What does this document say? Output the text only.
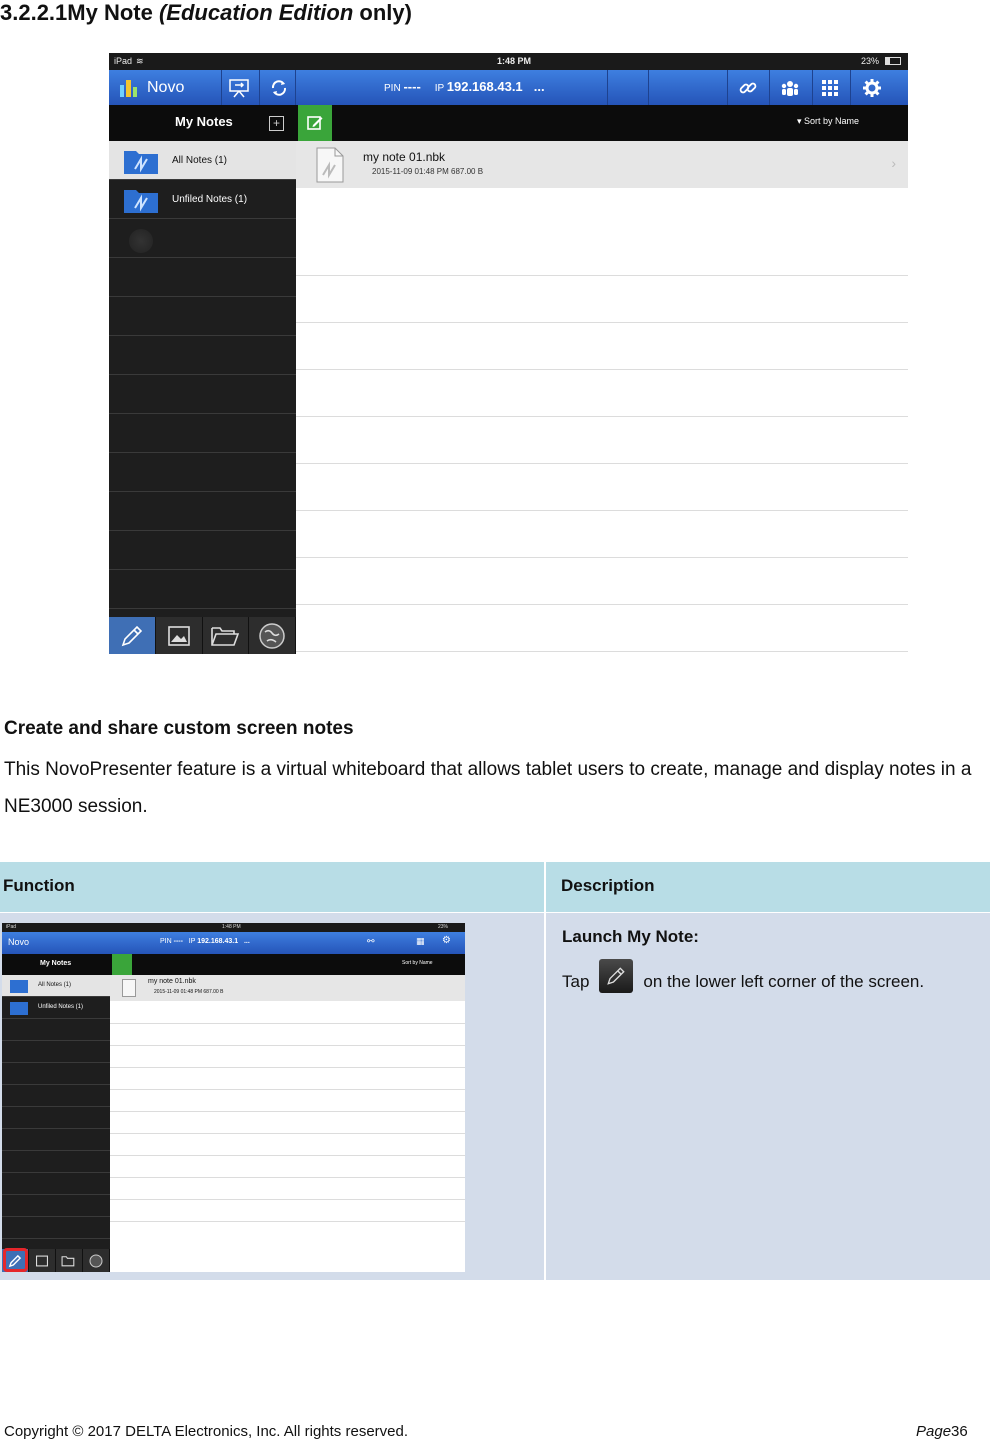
3.2.2.1My Note (Education Edition only)
iPad ≋	1:48 PM	23%
Novo	PIN ---- IP 192.168.43.1 ...
My Notes	+	▾ Sort by Name
All Notes (1)
Unfiled Notes (1)
my note 01.nbk
2015-11-09 01:48 PM 687.00 B
›
Create and share custom screen notes
This NovoPresenter feature is a virtual whiteboard that allows tablet users to create, manage and display notes in a NE3000 session.
Function	Description
iPad	1:48 PM	23%
Novo	PIN ---- IP 192.168.43.1 ...	⚯	▦ ⚙
My Notes	Sort by Name
All Notes (1)
Unfiled Notes (1)
my note 01.nbk
2015-11-09 01:48 PM 687.00 B
Launch My Note:
Tap	on the lower left corner of the screen.
Copyright © 2017 DELTA Electronics, Inc. All rights reserved.	Page36
